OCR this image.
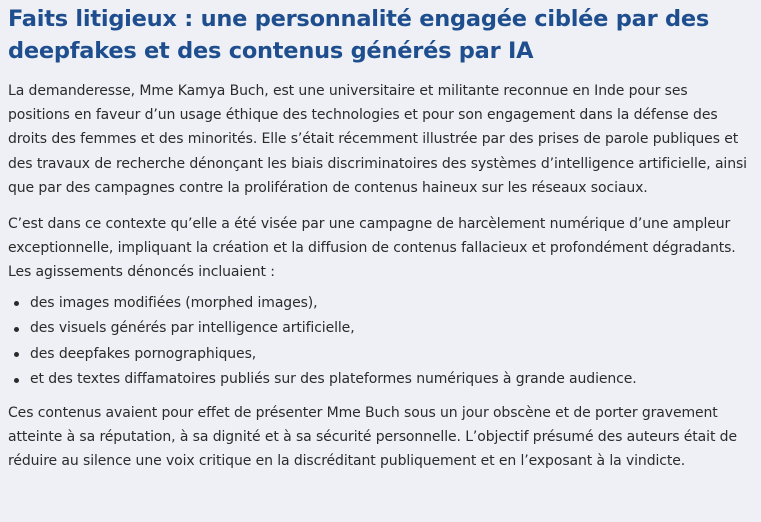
Faits litigieux : une personnalité engagée ciblée par des deepfakes et des contenus générés par IA

La demanderesse, Mme Kamya Buch, est une universitaire et militante reconnue en Inde pour ses positions en faveur d’un usage éthique des technologies et pour son engagement dans la défense des droits des femmes et des minorités. Elle s’était récemment illustrée par des prises de parole publiques et des travaux de recherche dénonçant les biais discriminatoires des systèmes d’intelligence artificielle, ainsi que par des campagnes contre la prolifération de contenus haineux sur les réseaux sociaux.

C’est dans ce contexte qu’elle a été visée par une campagne de harcèlement numérique d’une ampleur exceptionnelle, impliquant la création et la diffusion de contenus fallacieux et profondément dégradants. Les agissements dénoncés incluaient :

des images modifiées (morphed images),
des visuels générés par intelligence artificielle,
des deepfakes pornographiques,
et des textes diffamatoires publiés sur des plateformes numériques à grande audience.

Ces contenus avaient pour effet de présenter Mme Buch sous un jour obscène et de porter gravement atteinte à sa réputation, à sa dignité et à sa sécurité personnelle. L’objectif présumé des auteurs était de réduire au silence une voix critique en la discréditant publiquement et en l’exposant à la vindicte.
